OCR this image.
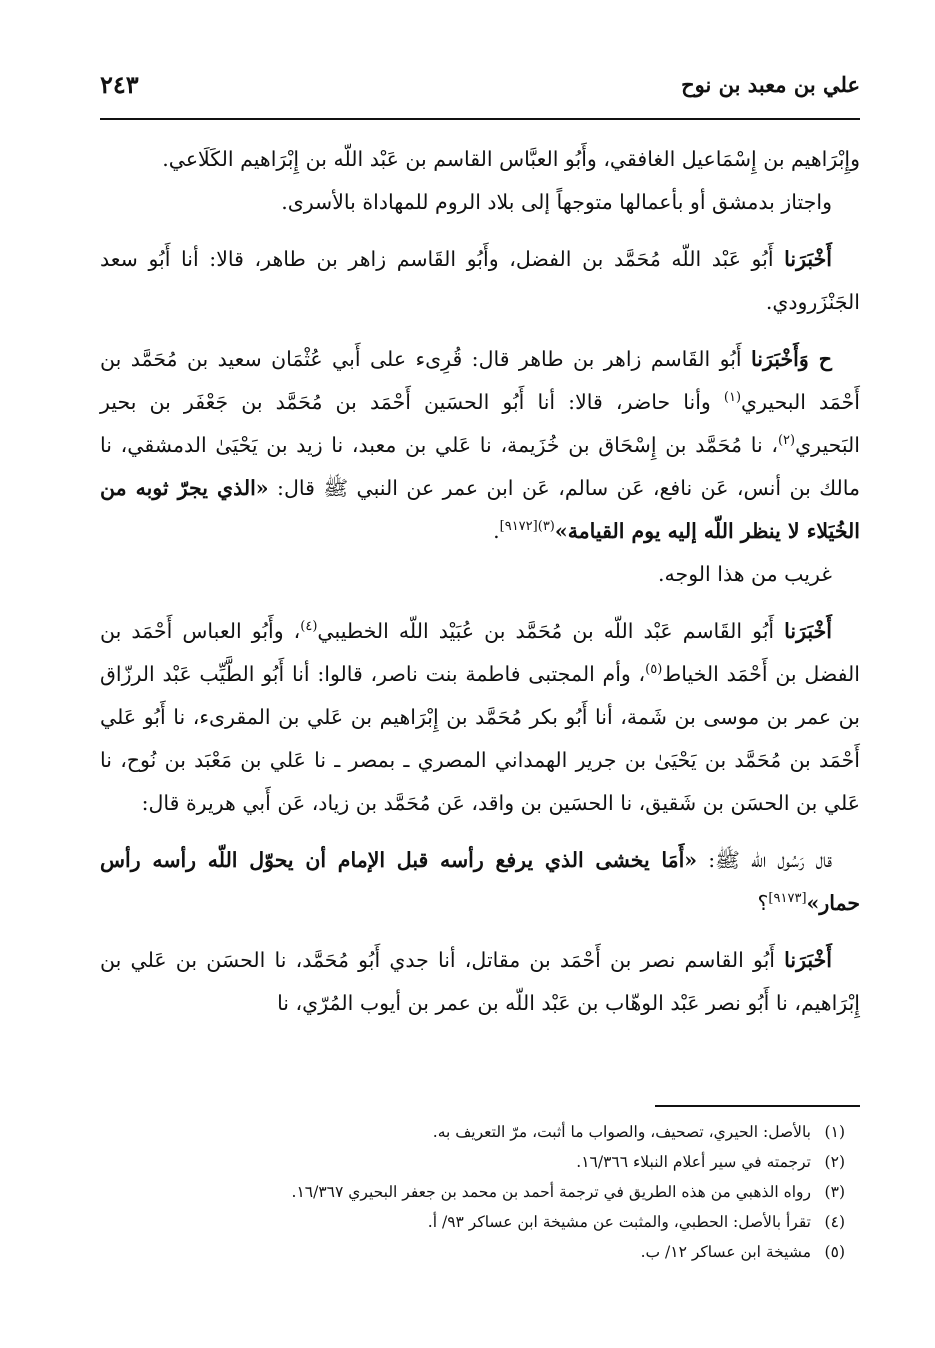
علي بن معبد بن نوح
٢٤٣

وإِبْرَاهيم بن إِسْمَاعيل الغافقي، وأَبُو العبَّاس القاسم بن عَبْد اللّه بن إِبْرَاهيم الكَلَاعي.

واجتاز بدمشق أو بأعمالها متوجهاً إلى بلاد الروم للمهاداة بالأسرى.

أَخْبَرَنا أَبُو عَبْد اللّه مُحَمَّد بن الفضل، وأَبُو القَاسم زاهر بن طاهر، قالا: أنا أَبُو سعد الجَنْزَرودي.

ح وَأَخْبَرَنا أَبُو القَاسم زاهر بن طاهر قال: قُرِىء على أَبي عُثْمَان سعيد بن مُحَمَّد بن أَحْمَد البحيري$^{(١)}$ وأنا حاضر، قالا: أنا أَبُو الحسَين أَحْمَد بن مُحَمَّد بن جَعْفَر بن بحير البَحيري$^{(٢)}$، نا مُحَمَّد بن إِسْحَاق بن خُزَيمة، نا عَلي بن معبد، نا زيد بن يَحْيَىٰ الدمشقي، نا مالك بن أنس، عَن نافع، عَن سالم، عَن ابن عمر عن النبي ﷺ قال: «الذي يجرّ ثوبه من الخُيَلاء لا ينظر اللّه إليه يوم القيامة»$^{(٣)[٩١٧٢]}$.

غريب من هذا الوجه.

أَخْبَرَنا أَبُو القَاسم عَبْد اللّه بن مُحَمَّد بن عُبَيْد اللّه الخطيبي$^{(٤)}$، وأَبُو العباس أَحْمَد بن الفضل بن أَحْمَد الخياط$^{(٥)}$، وأم المجتبى فاطمة بنت ناصر، قالوا: أنا أَبُو الطَّيِّب عَبْد الرزّاق بن عمر بن موسى بن شَمة، أنا أَبُو بكر مُحَمَّد بن إِبْرَاهيم بن عَلي بن المقرىء، نا أَبُو عَلي أَحْمَد بن مُحَمَّد بن يَحْيَىٰ بن جرير الهمداني المصري ـ بمصر ـ نا عَلي بن مَعْبَد بن نُوح، نا عَلي بن الحسَن بن شَقيق، نا الحسَين بن واقد، عَن مُحَمَّد بن زياد، عَن أَبي هريرة قال:

قال رَسُول اللّه ﷺ: «أَمَا يخشى الذي يرفع رأسه قبل الإمام أن يحوّل اللّه رأسه رأس حمار»[٩١٧٣]؟

أَخْبَرَنا أَبُو القاسم نصر بن أَحْمَد بن مقاتل، أنا جدي أَبُو مُحَمَّد، نا الحسَن بن عَلي بن إِبْرَاهيم، نا أَبُو نصر عَبْد الوهّاب بن عَبْد اللّه بن عمر بن أيوب المُرّي، نا

(١)بالأصل: الحيري، تصحيف، والصواب ما أثبت، مرّ التعريف به.

(٢)ترجمته في سير أعلام النبلاء ١٦/٣٦٦.

(٣)رواه الذهبي من هذه الطريق في ترجمة أحمد بن محمد بن جعفر البحيري ١٦/٣٦٧.

(٤)تقرأ بالأصل: الحطبي، والمثبت عن مشيخة ابن عساكر ٩٣/ أ.

(٥)مشيخة ابن عساكر ١٢/ ب.
